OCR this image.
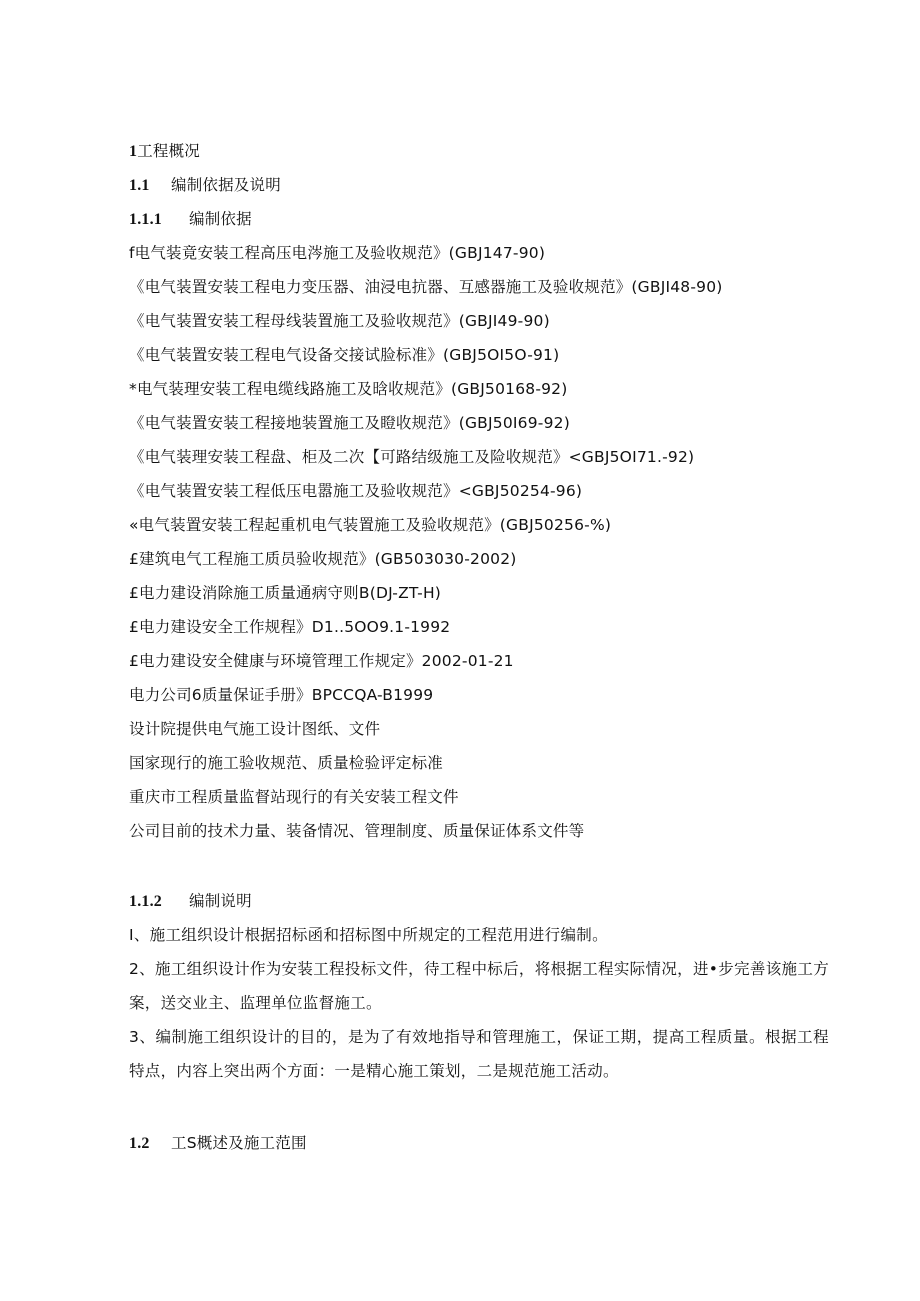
1工程概况
1.1 编制依据及说明
1.1.1 编制依据
f电气装竟安装工程高压电涔施工及验收规范》(GBJ147-90)
《电气装置安装工程电力变压器、油浸电抗器、互感器施工及验收规范》(GBJI48-90)
《电气装置安装工程母线装置施工及验收规范》(GBJI49-90)
《电气装置安装工程电气设备交接试脸标准》(GBJ5OI5O-91)
*电气装理安装工程电缆线路施工及晗收规范》(GBJ50168-92)
《电气装置安装工程接地装置施工及瞪收规范》(GBJ50I69-92)
《电气装理安装工程盘、柜及二次【可路结级施工及险收规范》<GBJ5OI71.-92)
《电气装置安装工程低压电嚣施工及验收规范》<GBJ50254-96)
«电气装置安装工程起重机电气装置施工及验收规范》(GBJ50256-%)
£建筑电气工程施工质员验收规范》(GB503030-2002)
£电力建设消除施工质量通病守则B(DJ-ZT-H)
£电力建设安全工作规程》D1..5OO9.1-1992
£电力建设安全健康与环境管理工作规定》2002-01-21
电力公司6质量保证手册》BPCCQA-B1999
设计院提供电气施工设计图纸、文件
国家现行的施工验收规范、质量检验评定标准
重庆市工程质量监督站现行的有关安装工程文件
公司目前的技术力量、装备情况、管理制度、质量保证体系文件等
1.1.2 编制说明
I、施工组织设计根据招标函和招标图中所规定的工程范用进行编制。
2、施工组织设计作为安装工程投标文件，待工程中标后，将根据工程实际情况，进•步完善该施工方案，送交业主、监理单位监督施工。
3、编制施工组织设计的目的，是为了有效地指导和管理施工，保证工期，提高工程质量。根据工程特点，内容上突出两个方面：一是精心施工策划，二是规范施工活动。
1.2 工S概述及施工范围
